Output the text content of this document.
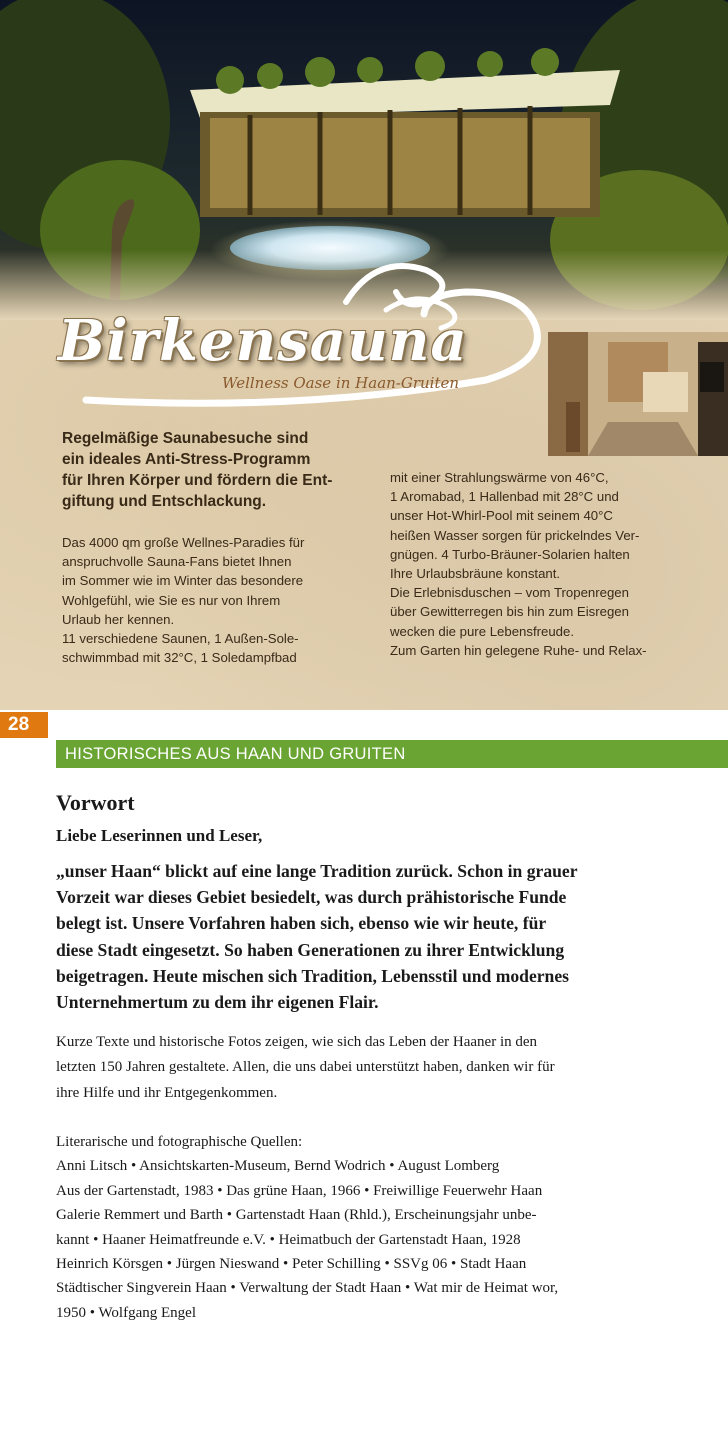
Birkensauna
Wellness Oase in Haan-Gruiten

Regelmäßige Saunabesuche sind
ein ideales Anti-Stress-Programm
für Ihren Körper und fördern die Ent-
giftung und Entschlackung.

Das 4000 qm große Wellnes-Paradies für
anspruchvolle Sauna-Fans bietet Ihnen
im Sommer wie im Winter das besondere
Wohlgefühl, wie Sie es nur von Ihrem
Urlaub her kennen.
11 verschiedene Saunen, 1 Außen-Sole-
schwimmbad mit 32°C, 1 Soledampfbad

mit einer Strahlungswärme von 46°C,
1 Aromabad, 1 Hallenbad mit 28°C und
unser Hot-Whirl-Pool mit seinem 40°C
heißen Wasser sorgen für prickelndes Ver-
gnügen. 4 Turbo-Bräuner-Solarien halten
Ihre Urlaubsbräune konstant.
Die Erlebnisduschen – vom Tropenregen
über Gewitterregen bis hin zum Eisregen
wecken die pure Lebensfreude.
Zum Garten hin gelegene Ruhe- und Relax-

28
HISTORISCHES AUS HAAN UND GRUITEN
Vorwort
Liebe Leserinnen und Leser,

„unser Haan“ blickt auf eine lange Tradition zurück. Schon in grauer
Vorzeit war dieses Gebiet besiedelt, was durch prähistorische Funde
belegt ist. Unsere Vorfahren haben sich, ebenso wie wir heute, für
diese Stadt eingesetzt. So haben Generationen zu ihrer Entwicklung
beigetragen. Heute mischen sich Tradition, Lebensstil und modernes
Unternehmertum zu dem ihr eigenen Flair.

Kurze Texte und historische Fotos zeigen, wie sich das Leben der Haaner in den
letzten 150 Jahren gestaltete. Allen, die uns dabei unterstützt haben, danken wir für
ihre Hilfe und ihr Entgegenkommen.

Literarische und fotographische Quellen:
Anni Litsch • Ansichtskarten-Museum, Bernd Wodrich • August Lomberg
Aus der Gartenstadt, 1983 • Das grüne Haan, 1966 • Freiwillige Feuerwehr Haan
Galerie Remmert und Barth • Gartenstadt Haan (Rhld.), Erscheinungsjahr unbe-
kannt • Haaner Heimatfreunde e.V. • Heimatbuch der Gartenstadt Haan, 1928
Heinrich Körsgen • Jürgen Nieswand • Peter Schilling • SSVg 06 • Stadt Haan
Städtischer Singverein Haan • Verwaltung der Stadt Haan • Wat mir de Heimat wor,
1950 • Wolfgang Engel
